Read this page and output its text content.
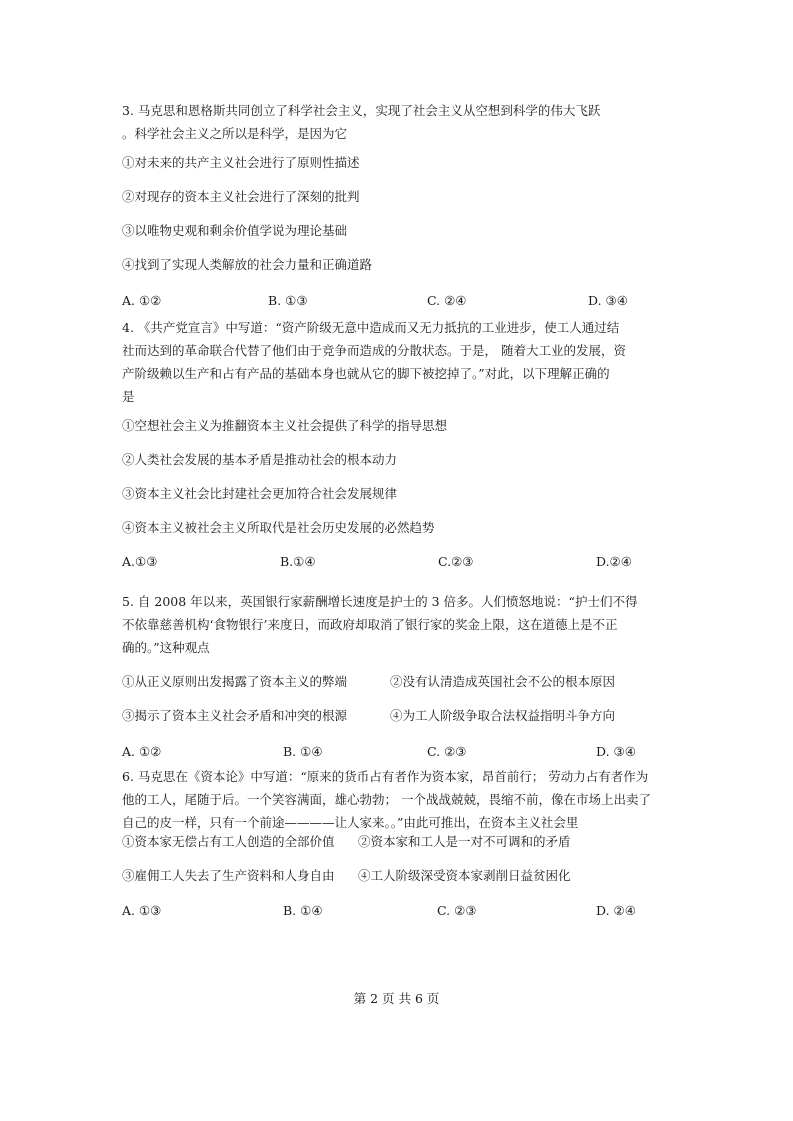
3. 马克思和恩格斯共同创立了科学社会主义，实现了社会主义从空想到科学的伟大飞跃
。科学社会主义之所以是科学，是因为它
①对未来的共产主义社会进行了原则性描述
②对现存的资本主义社会进行了深刻的批判
③以唯物史观和剩余价值学说为理论基础
④找到了实现人类解放的社会力量和正确道路
A. ①②	B. ①③	C. ②④	D. ③④
4. 《共产党宣言》中写道：“资产阶级无意中造成而又无力抵抗的工业进步，使工人通过结
社而达到的革命联合代替了他们由于竞争而造成的分散状态。于是， 随着大工业的发展，资
产阶级赖以生产和占有产品的基础本身也就从它的脚下被挖掉了。”对此，以下理解正确的
是
①空想社会主义为推翻资本主义社会提供了科学的指导思想
②人类社会发展的基本矛盾是推动社会的根本动力
③资本主义社会比封建社会更加符合社会发展规律
④资本主义被社会主义所取代是社会历史发展的必然趋势
A.①③	B.①④	C.②③	D.②④
5. 自 2008 年以来，英国银行家薪酬增长速度是护士的 3 倍多。人们愤怒地说：“护士们不得
不依靠慈善机构‘食物银行’来度日，而政府却取消了银行家的奖金上限，这在道德上是不正
确的。”这种观点
①从正义原则出发揭露了资本主义的弊端	②没有认清造成英国社会不公的根本原因
③揭示了资本主义社会矛盾和冲突的根源	④为工人阶级争取合法权益指明斗争方向
A. ①②	B. ①④	C. ②③	D. ③④
6. 马克思在《资本论》中写道：“原来的货币占有者作为资本家，昂首前行； 劳动力占有者作为
他的工人，尾随于后。一个笑容满面，雄心勃勃； 一个战战兢兢，畏缩不前，像在市场上出卖了
自己的皮一样，只有一个前途————让人家来。。”由此可推出，在资本主义社会里
①资本家无偿占有工人创造的全部价值 ②资本家和工人是一对不可调和的矛盾
③雇佣工人失去了生产资料和人身自由 ④工人阶级深受资本家剥削日益贫困化
A. ①③	B. ①④	C. ②③	D. ②④
第 2 页 共 6 页
